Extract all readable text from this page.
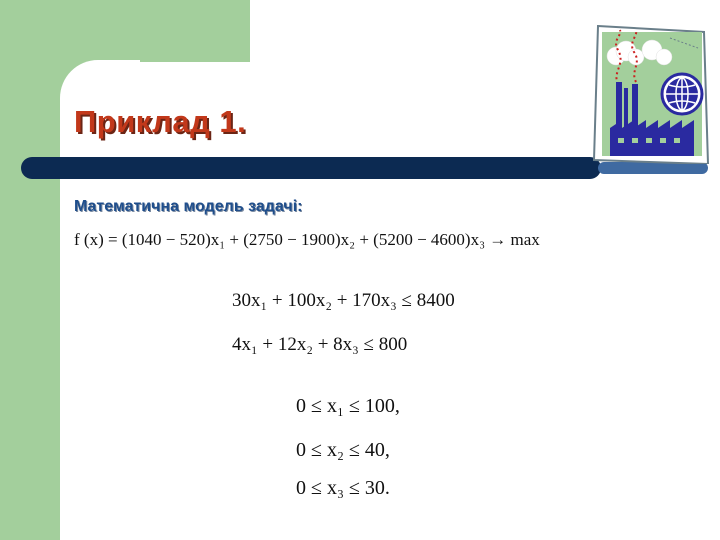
Приклад 1.
Математична модель задачі:
f (x) = (1040 − 520)x₁ + (2750 − 1900)x₂ + (5200 − 4600)x₃ → max
30x₁ + 100x₂ + 170x₃ ≤ 8400
4x₁ + 12x₂ + 8x₃ ≤ 800
0 ≤ x₁ ≤ 100,
0 ≤ x₂ ≤ 40,
0 ≤ x₃ ≤ 30.
